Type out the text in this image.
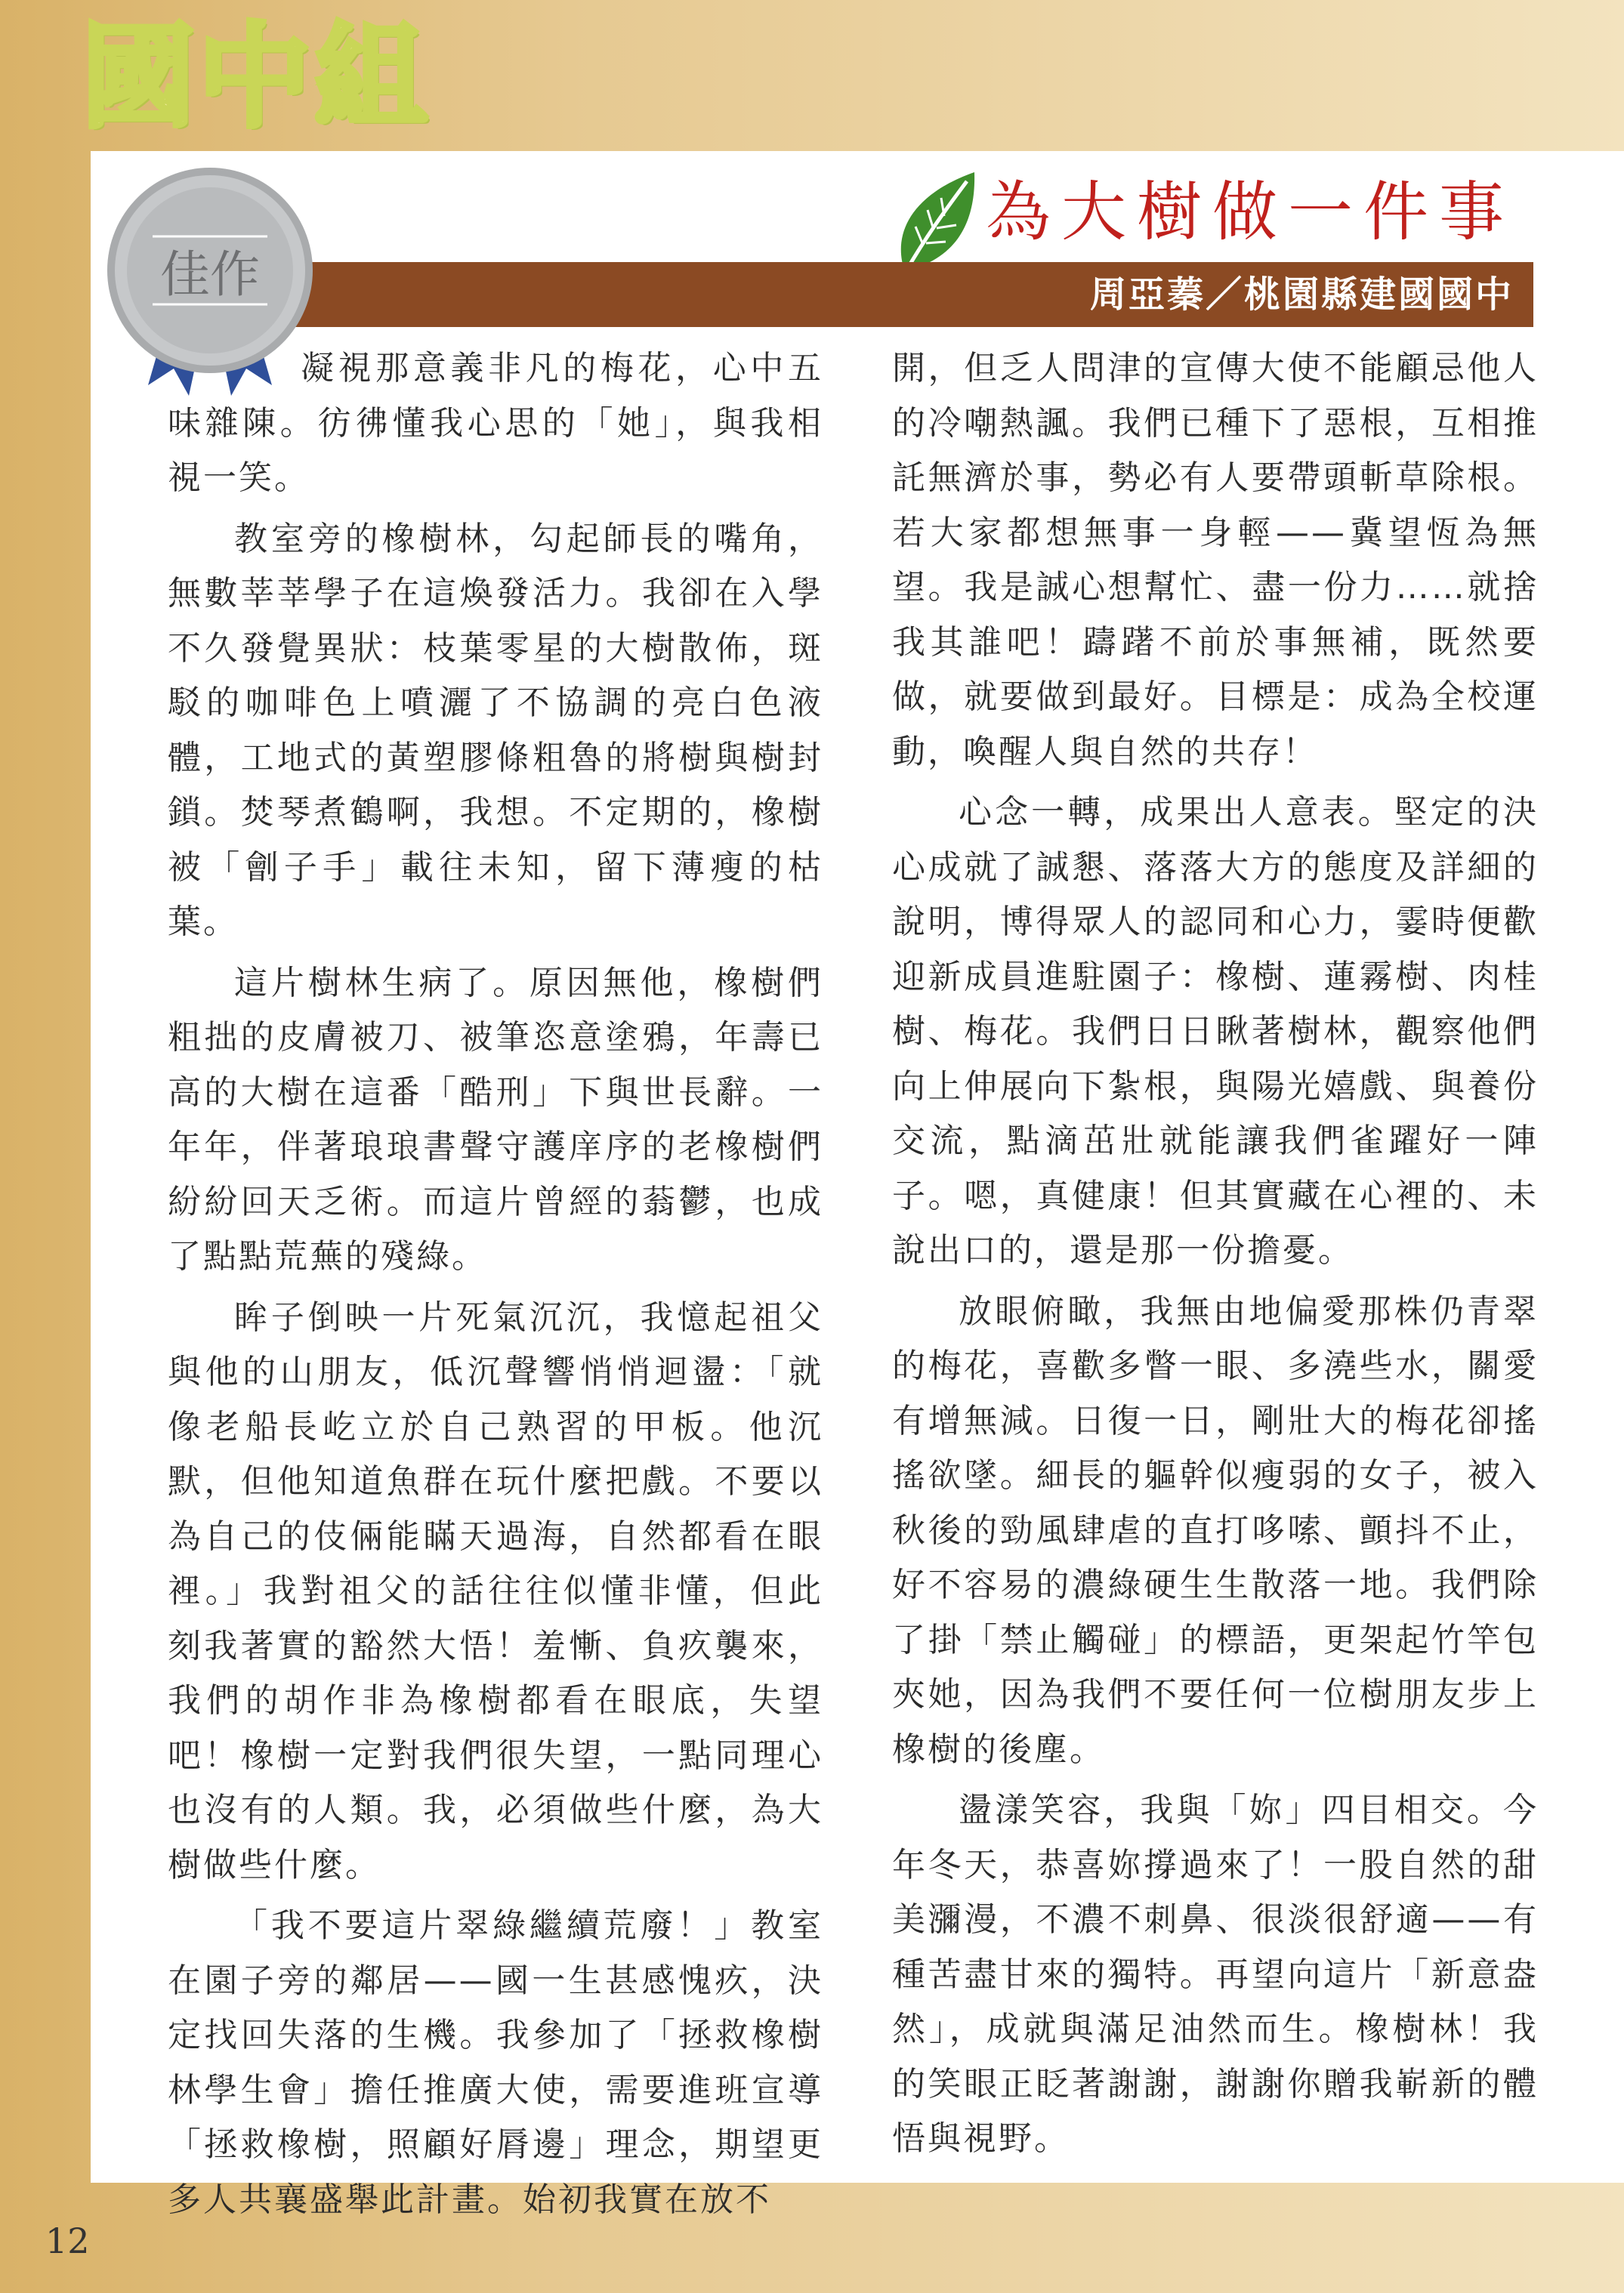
國中組
為大樹做一件事
周亞蓁／桃園縣建國國中
佳作

凝視那意義非凡的梅花，心中五味雜陳。彷彿懂我心思的「她」，與我相視一笑。

教室旁的橡樹林，勾起師長的嘴角，無數莘莘學子在這煥發活力。我卻在入學不久發覺異狀：枝葉零星的大樹散佈，斑駁的咖啡色上噴灑了不協調的亮白色液體，工地式的黃塑膠條粗魯的將樹與樹封鎖。焚琴煮鶴啊，我想。不定期的，橡樹被「劊子手」載往未知，留下薄瘦的枯葉。

這片樹林生病了。原因無他，橡樹們粗拙的皮膚被刀、被筆恣意塗鴉，年壽已高的大樹在這番「酷刑」下與世長辭。一年年，伴著琅琅書聲守護庠序的老橡樹們紛紛回天乏術。而這片曾經的蓊鬱，也成了點點荒蕪的殘綠。

眸子倒映一片死氣沉沉，我憶起祖父與他的山朋友，低沉聲響悄悄迴盪：「就像老船長屹立於自己熟習的甲板。他沉默，但他知道魚群在玩什麼把戲。不要以為自己的伎倆能瞞天過海，自然都看在眼裡。」我對祖父的話往往似懂非懂，但此刻我著實的豁然大悟！羞慚、負疚襲來，我們的胡作非為橡樹都看在眼底，失望吧！橡樹一定對我們很失望，一點同理心也沒有的人類。我，必須做些什麼，為大樹做些什麼。

「我不要這片翠綠繼續荒廢！」教室在園子旁的鄰居——國一生甚感愧疚，決定找回失落的生機。我參加了「拯救橡樹林學生會」擔任推廣大使，需要進班宣導「拯救橡樹，照顧好脣邊」理念，期望更多人共襄盛舉此計畫。始初我實在放不

開，但乏人問津的宣傳大使不能顧忌他人的冷嘲熱諷。我們已種下了惡根，互相推託無濟於事，勢必有人要帶頭斬草除根。若大家都想無事一身輕——冀望恆為無望。我是誠心想幫忙、盡一份力……就捨我其誰吧！躊躇不前於事無補，既然要做，就要做到最好。目標是：成為全校運動，喚醒人與自然的共存！

心念一轉，成果出人意表。堅定的決心成就了誠懇、落落大方的態度及詳細的說明，博得眾人的認同和心力，霎時便歡迎新成員進駐園子：橡樹、蓮霧樹、肉桂樹、梅花。我們日日瞅著樹林，觀察他們向上伸展向下紮根，與陽光嬉戲、與養份交流，點滴茁壯就能讓我們雀躍好一陣子。嗯，真健康！但其實藏在心裡的、未說出口的，還是那一份擔憂。

放眼俯瞰，我無由地偏愛那株仍青翠的梅花，喜歡多瞥一眼、多澆些水，關愛有增無減。日復一日，剛壯大的梅花卻搖搖欲墜。細長的軀幹似瘦弱的女子，被入秋後的勁風肆虐的直打哆嗦、顫抖不止，好不容易的濃綠硬生生散落一地。我們除了掛「禁止觸碰」的標語，更架起竹竿包夾她，因為我們不要任何一位樹朋友步上橡樹的後塵。

盪漾笑容，我與「妳」四目相交。今年冬天，恭喜妳撐過來了！一股自然的甜美瀰漫，不濃不刺鼻、很淡很舒適——有種苦盡甘來的獨特。再望向這片「新意盎然」，成就與滿足油然而生。橡樹林！我的笑眼正眨著謝謝，謝謝你贈我嶄新的體悟與視野。

12
